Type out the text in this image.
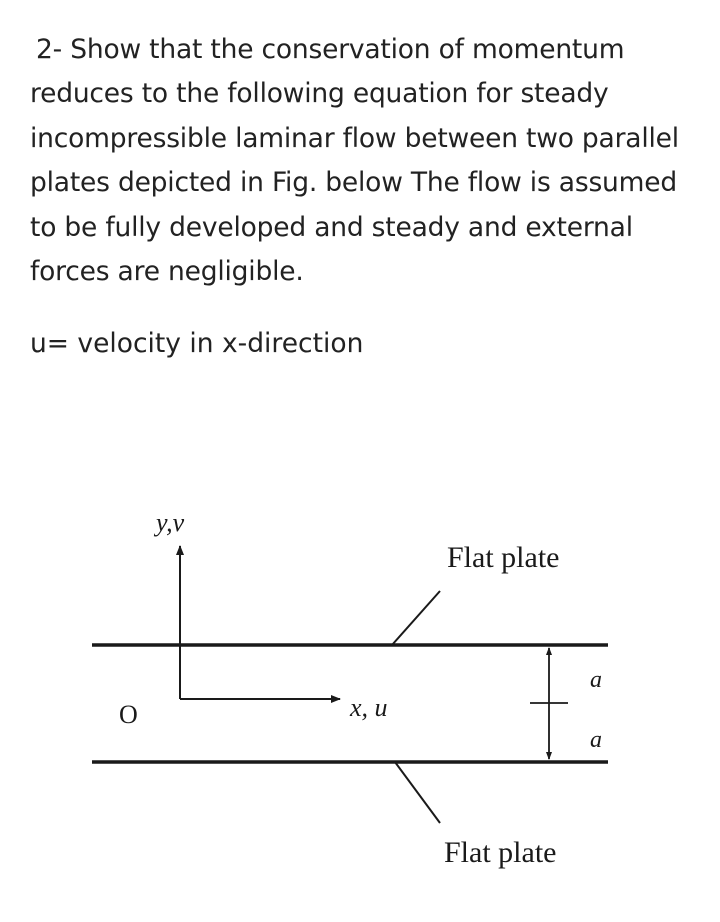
2- Show that the conservation of momentum
reduces to the following equation for steady
incompressible laminar flow between two parallel
plates depicted in Fig. below The flow is assumed
to be fully developed and steady and external
forces are negligible.

u= velocity in x-direction

y,v
x, u
O
Flat plate
Flat plate
a
a
